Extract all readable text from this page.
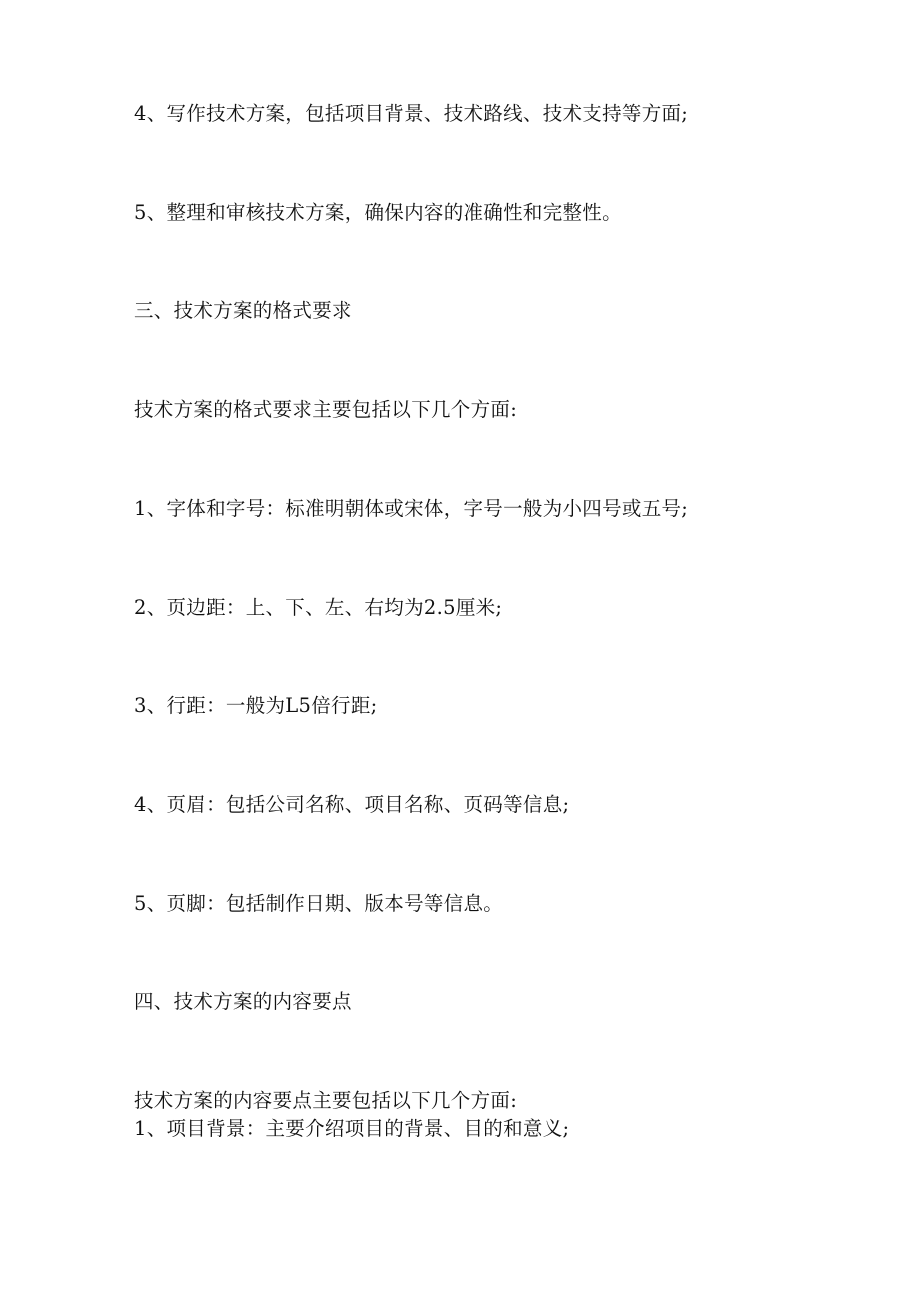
4、写作技术方案，包括项目背景、技术路线、技术支持等方面;
5、整理和审核技术方案，确保内容的准确性和完整性。
三、技术方案的格式要求
技术方案的格式要求主要包括以下几个方面:
1、字体和字号：标准明朝体或宋体，字号一般为小四号或五号;
2、页边距：上、下、左、右均为2.5厘米;
3、行距：一般为L5倍行距;
4、页眉：包括公司名称、项目名称、页码等信息;
5、页脚：包括制作日期、版本号等信息。
四、技术方案的内容要点
技术方案的内容要点主要包括以下几个方面:
1、项目背景：主要介绍项目的背景、目的和意义;
